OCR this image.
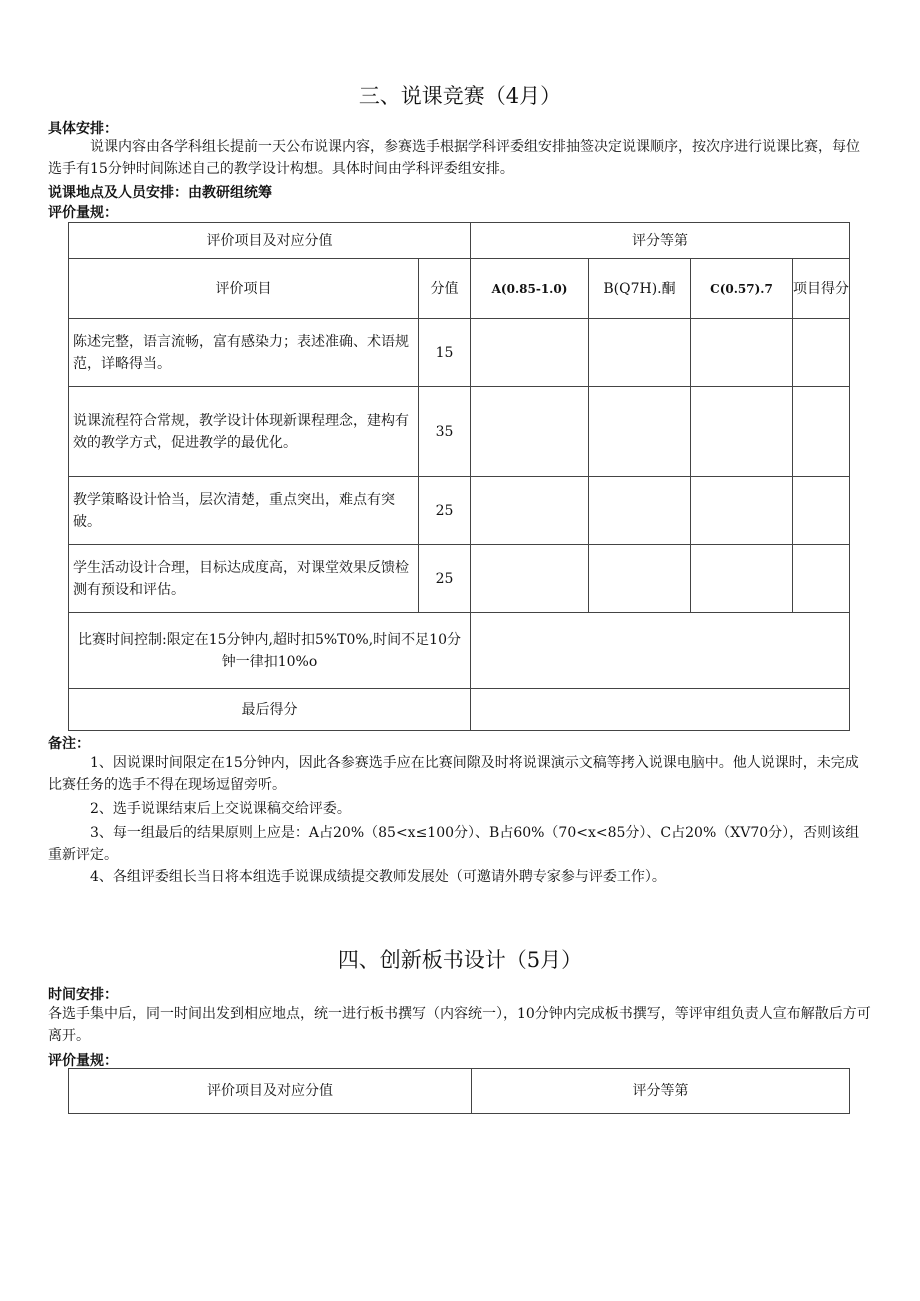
三、说课竞赛（4月）
具体安排：
说课内容由各学科组长提前一天公布说课内容，参赛选手根据学科评委组安排抽签决定说课顺序，按次序进行说课比赛，每位选手有15分钟时间陈述自己的教学设计构想。具体时间由学科评委组安排。
说课地点及人员安排：由教研组统筹
评价量规：
评价项目及对应分值		评分等第			
评价项目	分值	A(0.85-1.0)	B(Q7H).酮	C(0.57).7	项目得分
陈述完整，语言流畅，富有感染力；表述准确、术语规范，详略得当。	15				
说课流程符合常规，教学设计体现新课程理念，建构有效的教学方式，促进教学的最优化。	35				
教学策略设计恰当，层次清楚，重点突出，难点有突破。	25				
学生活动设计合理，目标达成度高，对课堂效果反馈检测有预设和评估。	25				
比赛时间控制:限定在15分钟内,超时扣5%T0%,时间不足10分钟一律扣10%o					
最后得分					
备注：
1、因说课时间限定在15分钟内，因此各参赛选手应在比赛间隙及时将说课演示文稿等拷入说课电脑中。他人说课时，未完成比赛任务的选手不得在现场逗留旁听。
2、选手说课结束后上交说课稿交给评委。
3、每一组最后的结果原则上应是：A占20%（85<x≤100分）、B占60%（70<x<85分）、C占20%（XV70分），否则该组重新评定。
4、各组评委组长当日将本组选手说课成绩提交教师发展处（可邀请外聘专家参与评委工作）。
四、创新板书设计（5月）
时间安排：
各选手集中后，同一时间出发到相应地点，统一进行板书撰写（内容统一），10分钟内完成板书撰写，等评审组负责人宣布解散后方可离开。
评价量规：
评价项目及对应分值	评分等第
